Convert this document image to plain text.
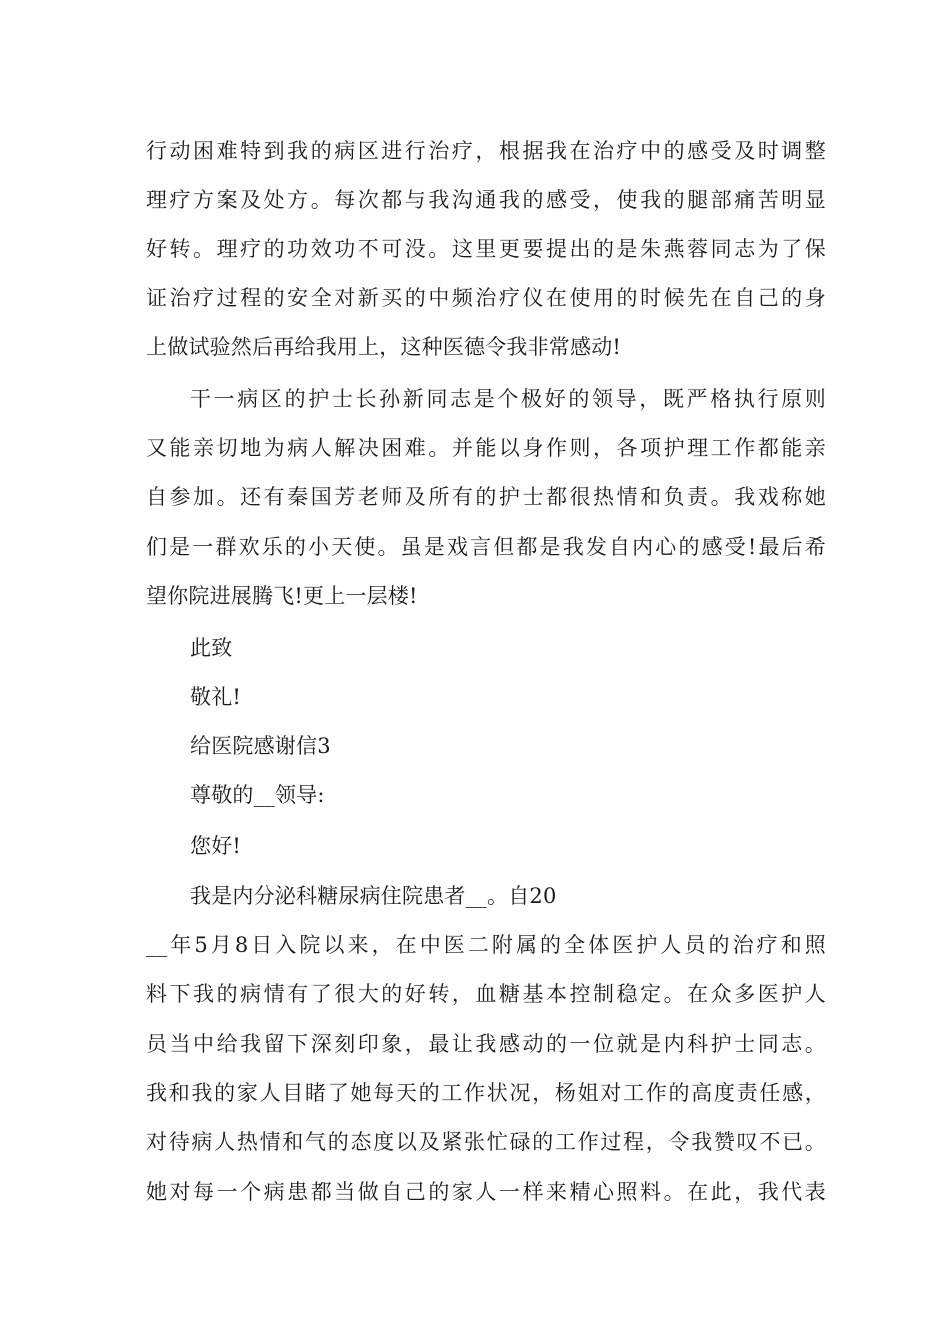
行动困难特到我的病区进行治疗，根据我在治疗中的感受及时调整
理疗方案及处方。每次都与我沟通我的感受，使我的腿部痛苦明显
好转。理疗的功效功不可没。这里更要提出的是朱燕蓉同志为了保
证治疗过程的安全对新买的中频治疗仪在使用的时候先在自己的身
上做试验然后再给我用上，这种医德令我非常感动!
干一病区的护士长孙新同志是个极好的领导，既严格执行原则
又能亲切地为病人解决困难。并能以身作则，各项护理工作都能亲
自参加。还有秦国芳老师及所有的护士都很热情和负责。我戏称她
们是一群欢乐的小天使。虽是戏言但都是我发自内心的感受!最后希
望你院进展腾飞!更上一层楼!
此致
敬礼!
给医院感谢信3
尊敬的__领导:
您好!
我是内分泌科糖尿病住院患者__。自20
__年5月8日入院以来，在中医二附属的全体医护人员的治疗和照
料下我的病情有了很大的好转，血糖基本控制稳定。在众多医护人
员当中给我留下深刻印象，最让我感动的一位就是内科护士同志。
我和我的家人目睹了她每天的工作状况，杨姐对工作的高度责任感，
对待病人热情和气的态度以及紧张忙碌的工作过程，令我赞叹不已。
她对每一个病患都当做自己的家人一样来精心照料。在此，我代表
